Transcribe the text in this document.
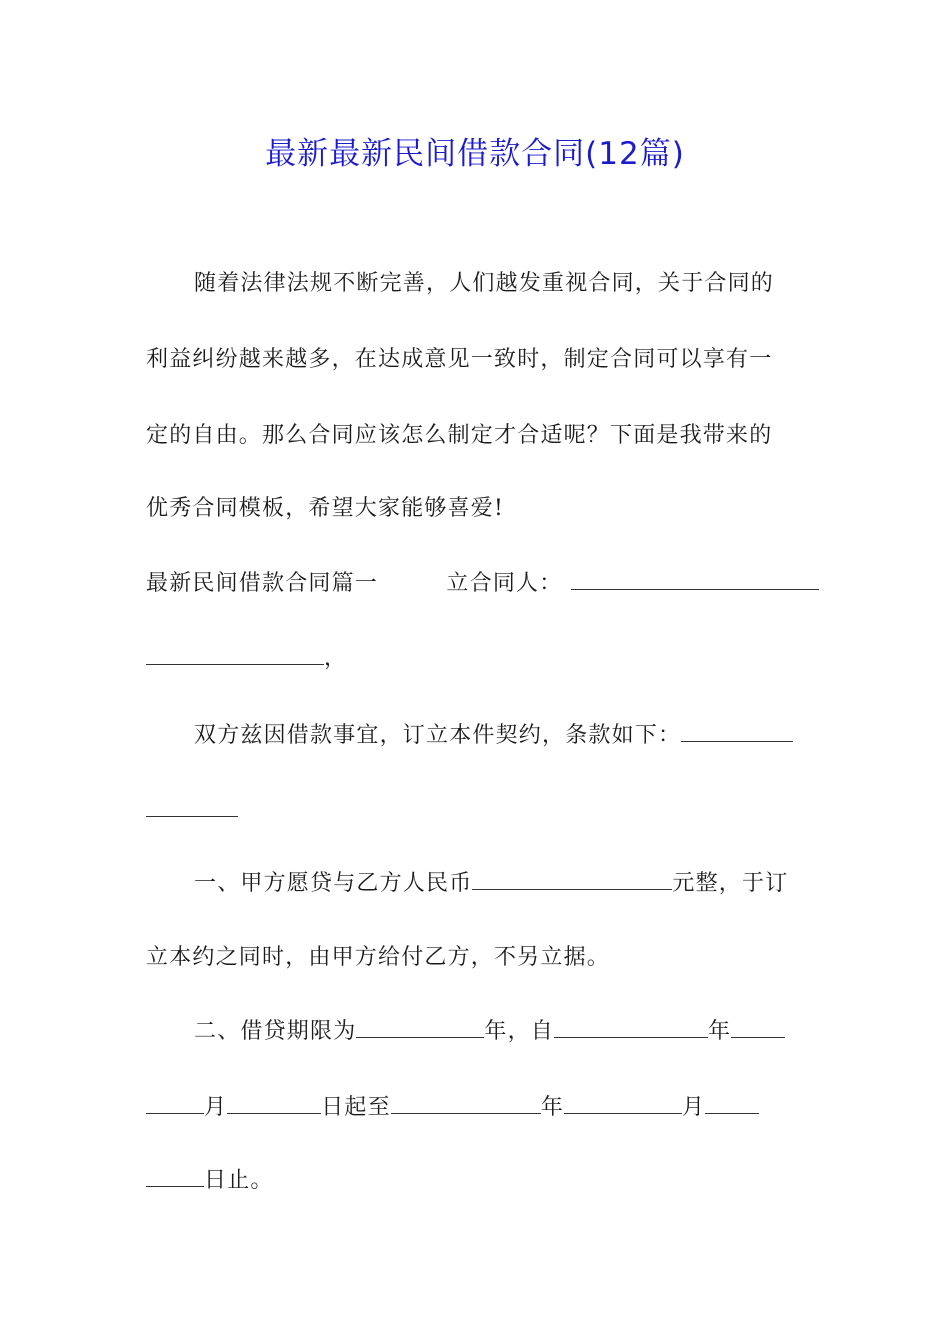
最新最新民间借款合同(12篇)
随着法律法规不断完善，人们越发重视合同，关于合同的
利益纠纷越来越多，在达成意见一致时，制定合同可以享有一
定的自由。那么合同应该怎么制定才合适呢？下面是我带来的
优秀合同模板，希望大家能够喜爱!
最新民间借款合同篇一	立合同人：
，
双方兹因借款事宜，订立本件契约，条款如下：
一、甲方愿贷与乙方人民币	元整，于订
立本约之同时，由甲方给付乙方，不另立据。
二、借贷期限为	年，自	年
月	日起至	年	月
日止。
